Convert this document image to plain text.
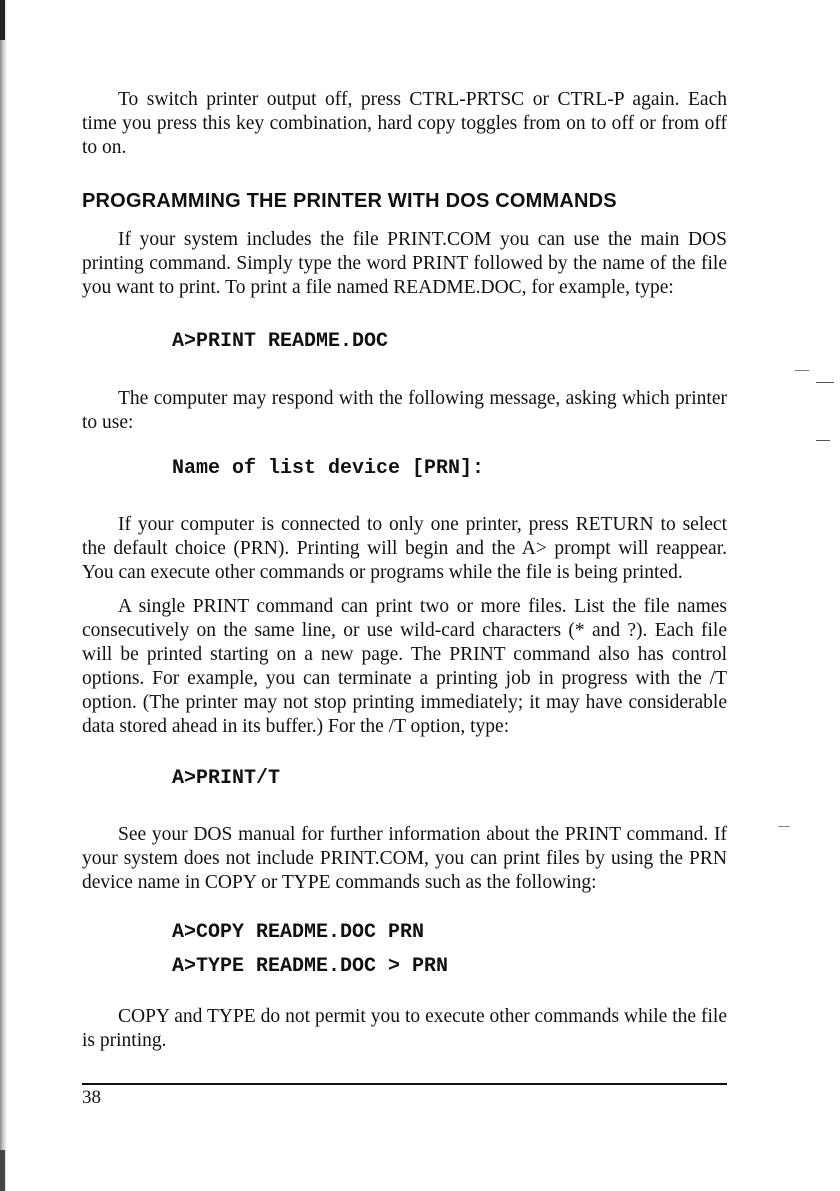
To switch printer output off, press CTRL-PRTSC or CTRL-P again. Each time you press this key combination, hard copy toggles from on to off or from off to on.

PROGRAMMING THE PRINTER WITH DOS COMMANDS

If your system includes the file PRINT.COM you can use the main DOS printing command. Simply type the word PRINT followed by the name of the file you want to print. To print a file named README.DOC, for example, type:

A>PRINT README.DOC

The computer may respond with the following message, asking which printer to use:

Name of list device [PRN]:

If your computer is connected to only one printer, press RETURN to select the default choice (PRN). Printing will begin and the A> prompt will reappear. You can execute other commands or programs while the file is being printed.

A single PRINT command can print two or more files. List the file names consecutively on the same line, or use wild-card characters (* and ?). Each file will be printed starting on a new page. The PRINT command also has control options. For example, you can terminate a printing job in progress with the /T option. (The printer may not stop printing immediately; it may have considerable data stored ahead in its buffer.) For the /T option, type:

A>PRINT/T

See your DOS manual for further information about the PRINT command. If your system does not include PRINT.COM, you can print files by using the PRN device name in COPY or TYPE commands such as the following:

A>COPY README.DOC PRN
A>TYPE README.DOC > PRN

COPY and TYPE do not permit you to execute other commands while the file is printing.

38
